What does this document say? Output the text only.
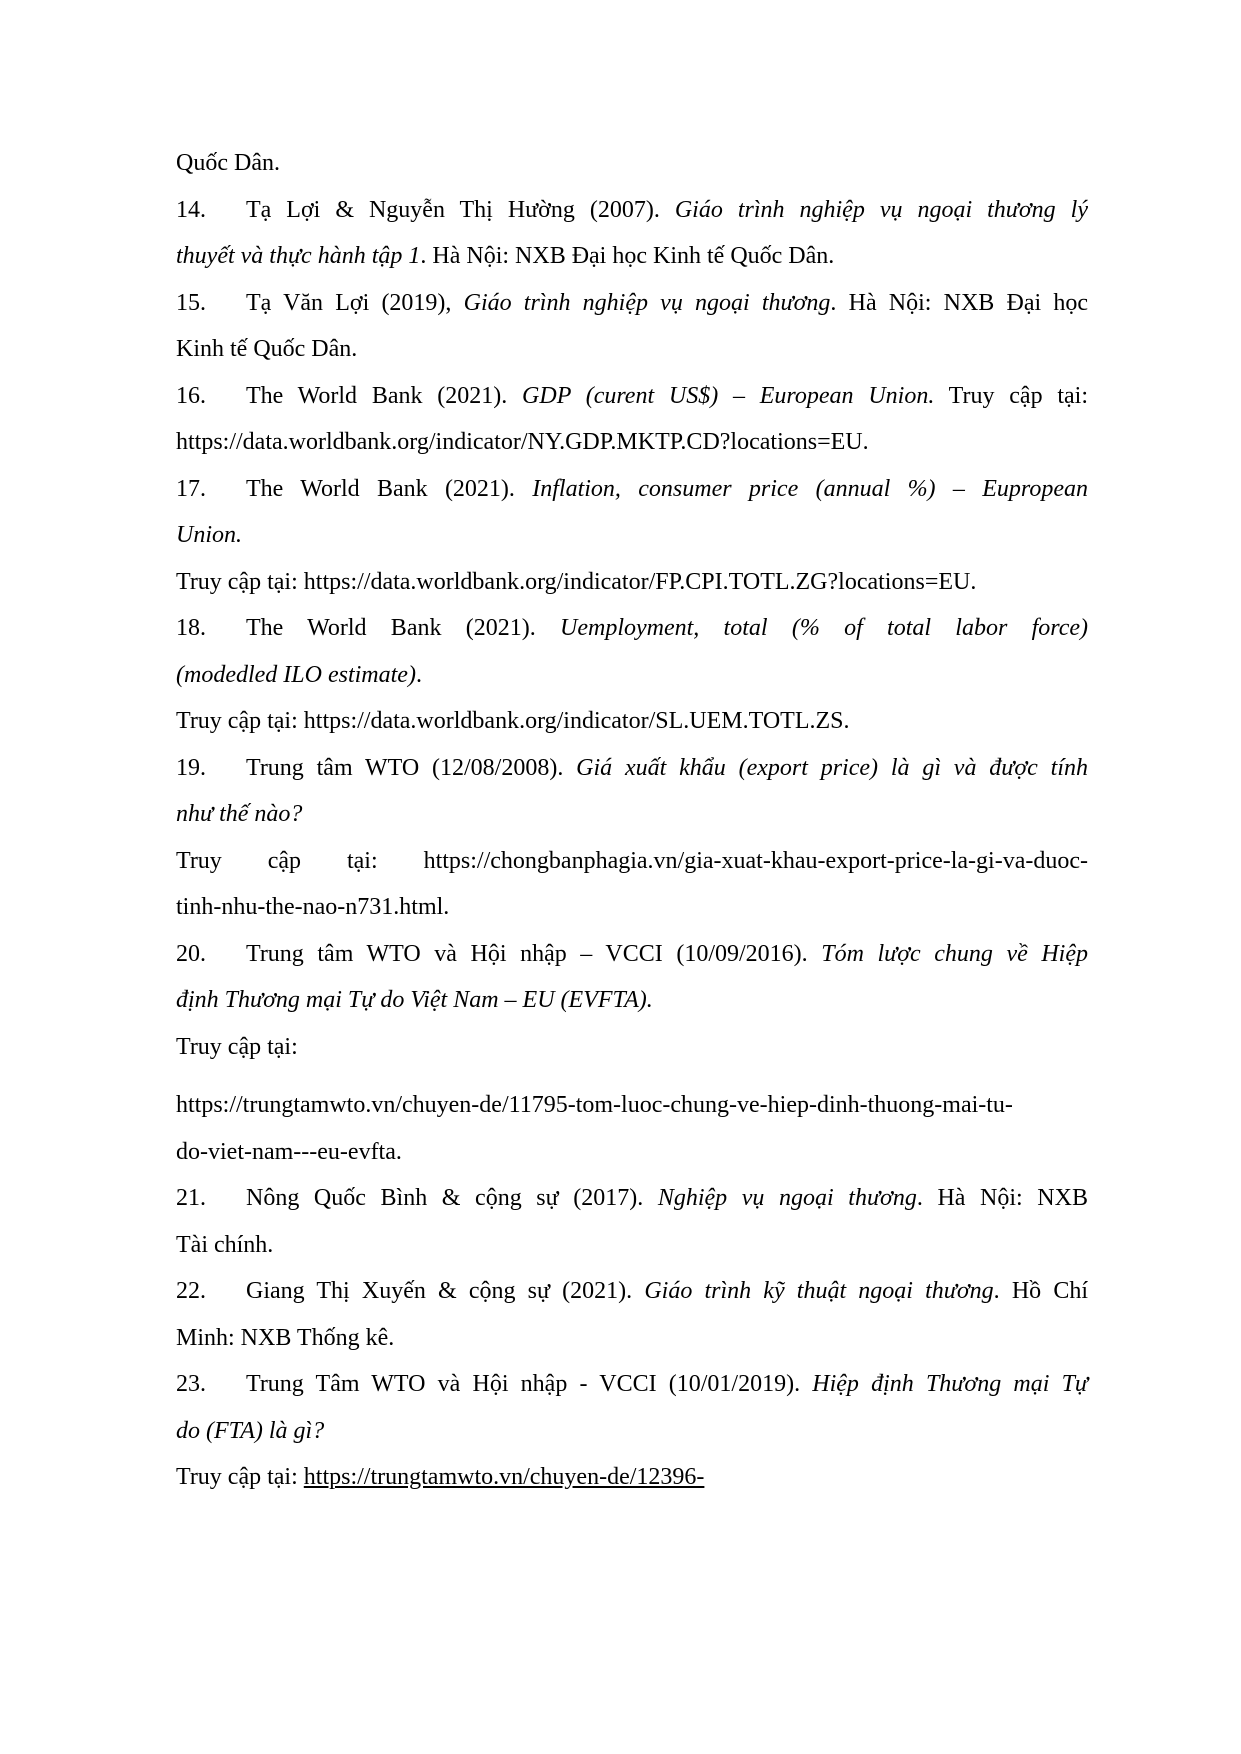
Quốc Dân.
14. Tạ Lợi & Nguyễn Thị Hường (2007). Giáo trình nghiệp vụ ngoại thương lý
thuyết và thực hành tập 1. Hà Nội: NXB Đại học Kinh tế Quốc Dân.
15. Tạ Văn Lợi (2019), Giáo trình nghiệp vụ ngoại thương. Hà Nội: NXB Đại học
Kinh tế Quốc Dân.
16. The World Bank (2021). GDP (curent US$) – European Union. Truy cập tại:
https://data.worldbank.org/indicator/NY.GDP.MKTP.CD?locations=EU.
17. The World Bank (2021). Inflation, consumer price (annual %) – Eupropean
Union.
Truy cập tại: https://data.worldbank.org/indicator/FP.CPI.TOTL.ZG?locations=EU.
18. The World Bank (2021). Uemployment, total (% of total labor force)
(modedled ILO estimate).
Truy cập tại: https://data.worldbank.org/indicator/SL.UEM.TOTL.ZS.
19. Trung tâm WTO (12/08/2008). Giá xuất khẩu (export price) là gì và được tính
như thế nào?
Truy cập tại: https://chongbanphagia.vn/gia-xuat-khau-export-price-la-gi-va-duoc-
tinh-nhu-the-nao-n731.html.
20. Trung tâm WTO và Hội nhập – VCCI (10/09/2016). Tóm lược chung về Hiệp
định Thương mại Tự do Việt Nam – EU (EVFTA).
Truy cập tại:
https://trungtamwto.vn/chuyen-de/11795-tom-luoc-chung-ve-hiep-dinh-thuong-mai-tu-
do-viet-nam---eu-evfta.
21. Nông Quốc Bình & cộng sự (2017). Nghiệp vụ ngoại thương. Hà Nội: NXB
Tài chính.
22. Giang Thị Xuyến & cộng sự (2021). Giáo trình kỹ thuật ngoại thương. Hồ Chí
Minh: NXB Thống kê.
23. Trung Tâm WTO và Hội nhập - VCCI (10/01/2019). Hiệp định Thương mại Tự
do (FTA) là gì?
Truy cập tại: https://trungtamwto.vn/chuyen-de/12396-
